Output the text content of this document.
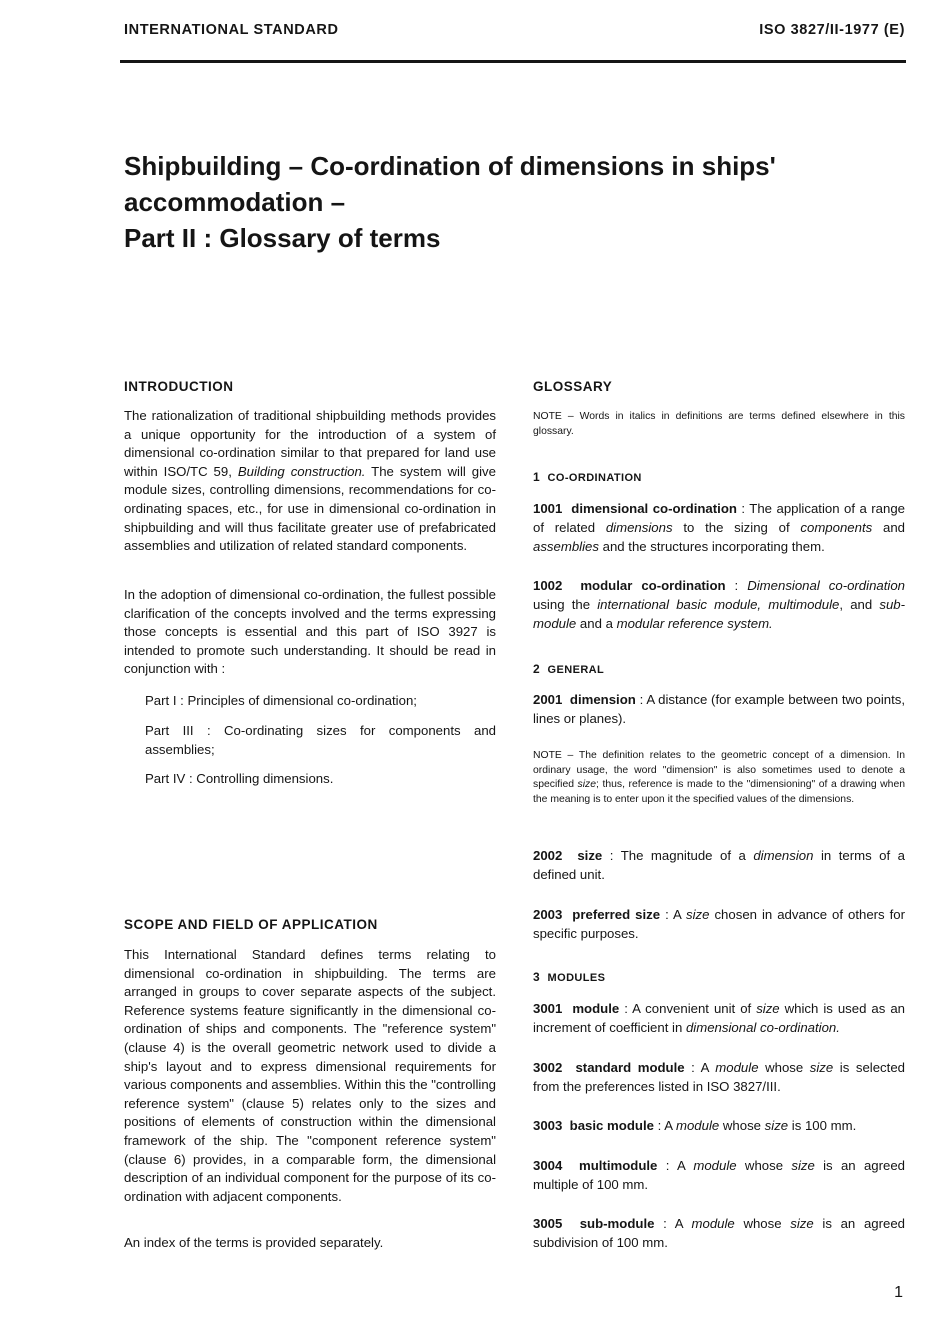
INTERNATIONAL STANDARD	ISO 3827/II-1977 (E)
Shipbuilding – Co-ordination of dimensions in ships'
accommodation –
Part II : Glossary of terms
INTRODUCTION

The rationalization of traditional shipbuilding methods provides a unique opportunity for the introduction of a system of dimensional co-ordination similar to that prepared for land use within ISO/TC 59, Building construction. The system will give module sizes, controlling dimensions, recommendations for co-ordinating spaces, etc., for use in dimensional co-ordination in shipbuilding and will thus facilitate greater use of prefabricated assemblies and utilization of related standard components.

In the adoption of dimensional co-ordination, the fullest possible clarification of the concepts involved and the terms expressing those concepts is essential and this part of ISO 3927 is intended to promote such understanding. It should be read in conjunction with :

Part I : Principles of dimensional co-ordination;
Part III : Co-ordinating sizes for components and assemblies;
Part IV : Controlling dimensions.
SCOPE AND FIELD OF APPLICATION

This International Standard defines terms relating to dimensional co-ordination in shipbuilding. The terms are arranged in groups to cover separate aspects of the subject. Reference systems feature significantly in the dimensional co-ordination of ships and components. The "reference system" (clause 4) is the overall geometric network used to divide a ship's layout and to express dimensional requirements for various components and assemblies. Within this the "controlling reference system" (clause 5) relates only to the sizes and positions of elements of construction within the dimensional framework of the ship. The "component reference system" (clause 6) provides, in a comparable form, the dimensional description of an individual component for the purpose of its co-ordination with adjacent components.

An index of the terms is provided separately.

GLOSSARY
NOTE – Words in italics in definitions are terms defined elsewhere in this glossary.
1 CO-ORDINATION
1001 dimensional co-ordination : The application of a range of related dimensions to the sizing of components and assemblies and the structures incorporating them.
1002 modular co-ordination : Dimensional co-ordination using the international basic module, multimodule, and sub-module and a modular reference system.
2 GENERAL
2001 dimension : A distance (for example between two points, lines or planes).
NOTE – The definition relates to the geometric concept of a dimension. In ordinary usage, the word "dimension" is also sometimes used to denote a specified size; thus, reference is made to the "dimensioning" of a drawing when the meaning is to enter upon it the specified values of the dimensions.
2002 size : The magnitude of a dimension in terms of a defined unit.
2003 preferred size : A size chosen in advance of others for specific purposes.
3 MODULES
3001 module : A convenient unit of size which is used as an increment of coefficient in dimensional co-ordination.
3002 standard module : A module whose size is selected from the preferences listed in ISO 3827/III.
3003 basic module : A module whose size is 100 mm.
3004 multimodule : A module whose size is an agreed multiple of 100 mm.
3005 sub-module : A module whose size is an agreed subdivision of 100 mm.
1
